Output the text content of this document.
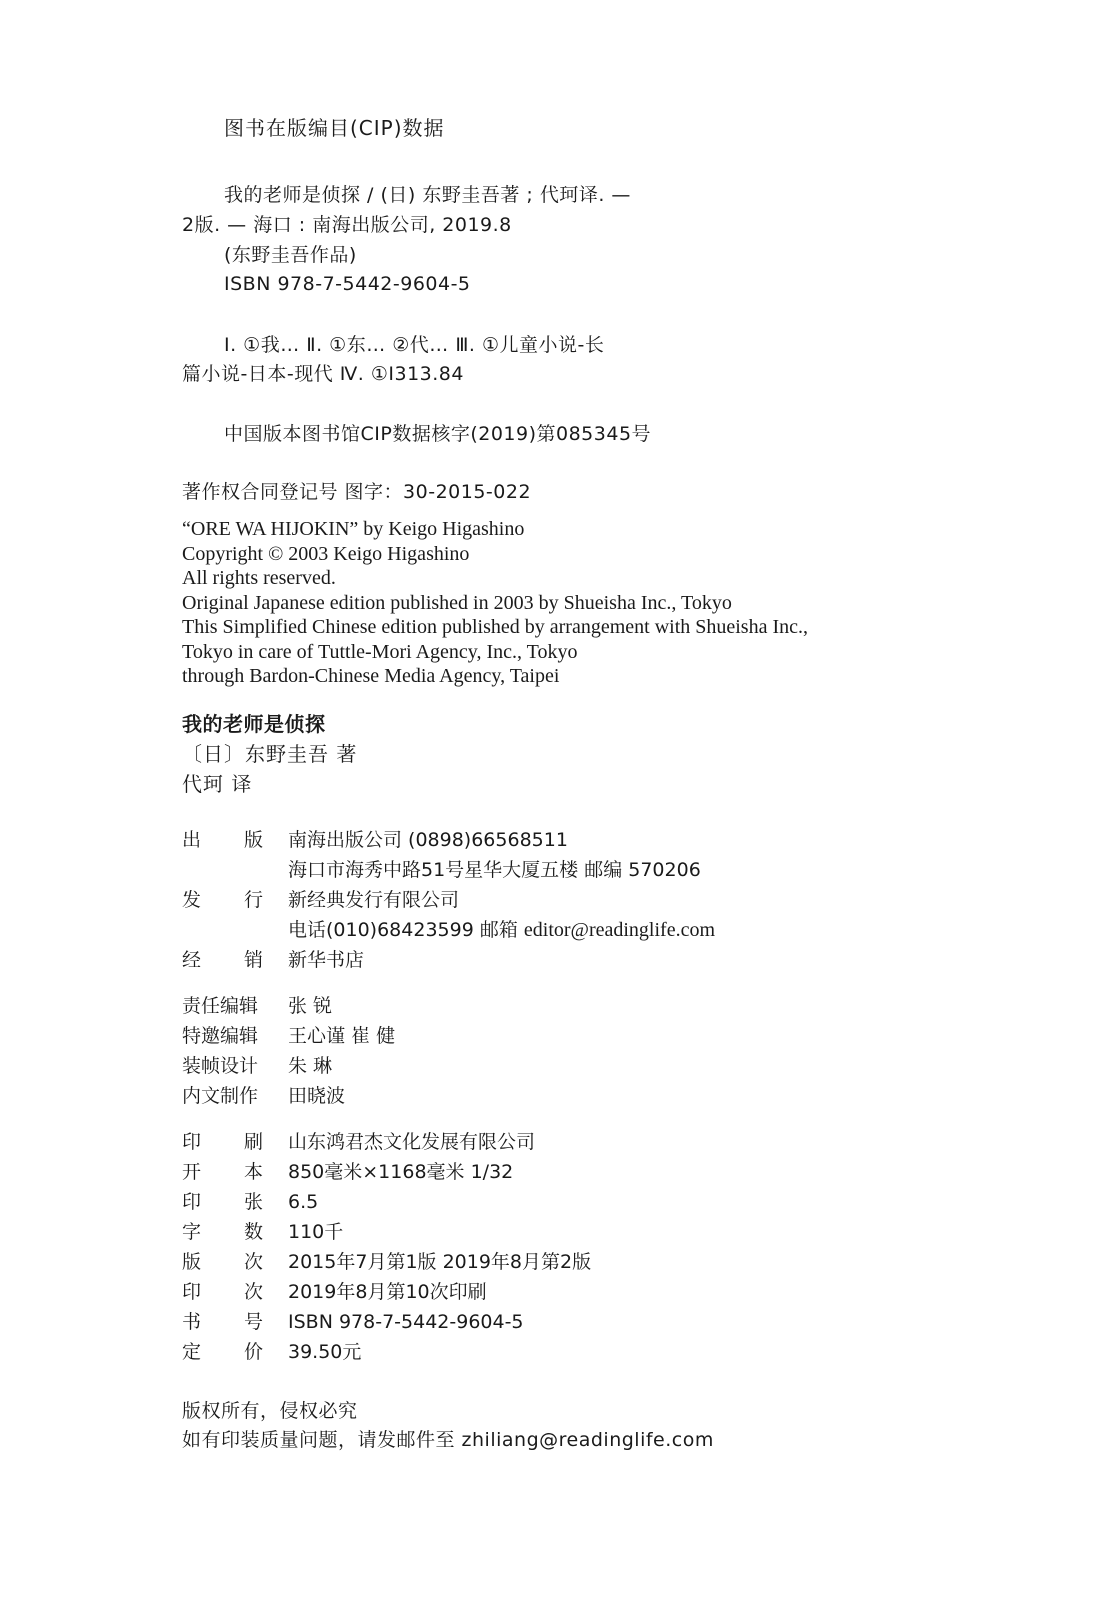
图书在版编目(CIP)数据
我的老师是侦探 / (日) 东野圭吾著 ; 代珂译. —
2版. — 海口 : 南海出版公司, 2019.8
(东野圭吾作品)
ISBN 978-7-5442-9604-5
Ⅰ. ①我… Ⅱ. ①东… ②代… Ⅲ. ①儿童小说-长
篇小说-日本-现代 Ⅳ. ①I313.84
中国版本图书馆CIP数据核字(2019)第085345号
著作权合同登记号 图字：30-2015-022
“ORE WA HIJOKIN” by Keigo Higashino
Copyright © 2003 Keigo Higashino
All rights reserved.
Original Japanese edition published in 2003 by Shueisha Inc., Tokyo
This Simplified Chinese edition published by arrangement with Shueisha Inc.,
Tokyo in care of Tuttle-Mori Agency, Inc., Tokyo
through Bardon-Chinese Media Agency, Taipei
我的老师是侦探
〔日〕东野圭吾 著
代珂 译
出 版 南海出版公司 (0898)66568511
海口市海秀中路51号星华大厦五楼 邮编 570206
发 行 新经典发行有限公司
电话(010)68423599 邮箱 editor@readinglife.com
经 销 新华书店
责任编辑 张 锐
特邀编辑 王心谨 崔 健
装帧设计 朱 琳
内文制作 田晓波
印 刷 山东鸿君杰文化发展有限公司
开 本 850毫米×1168毫米 1/32
印 张 6.5
字 数 110千
版 次 2015年7月第1版 2019年8月第2版
印 次 2019年8月第10次印刷
书 号 ISBN 978-7-5442-9604-5
定 价 39.50元
版权所有，侵权必究
如有印装质量问题，请发邮件至 zhiliang@readinglife.com
